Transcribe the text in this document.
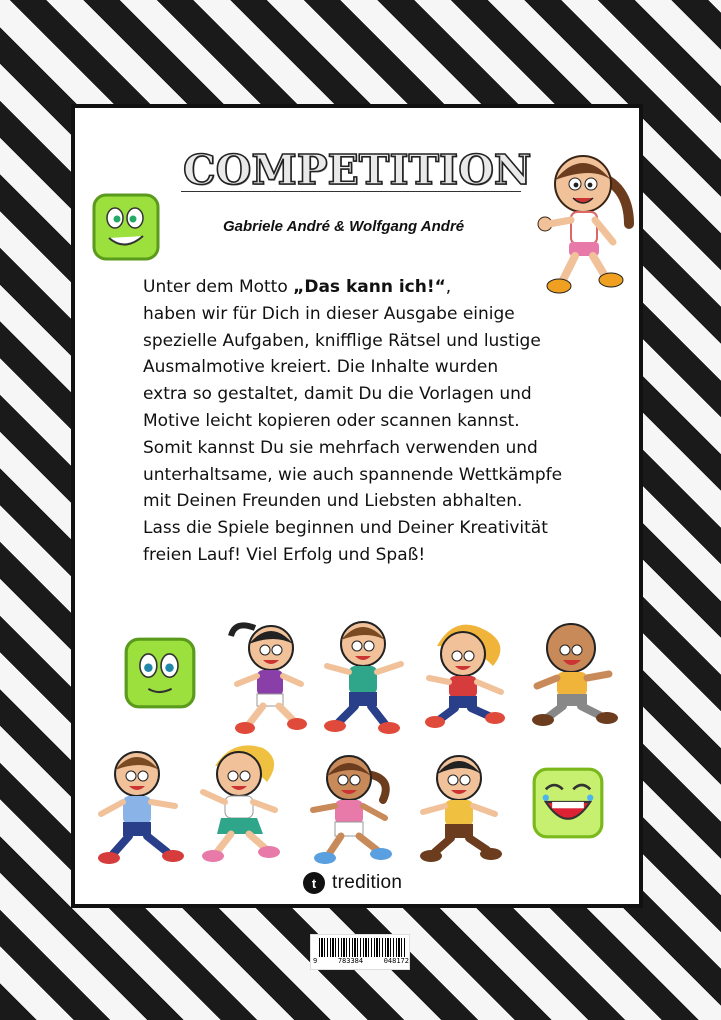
COMPETITION
Gabriele André & Wolfgang André
Unter dem Motto „Das kann ich!“,
haben wir für Dich in dieser Ausgabe einige
spezielle Aufgaben, knifflige Rätsel und lustige
Ausmalmotive kreiert. Die Inhalte wurden
extra so gestaltet, damit Du die Vorlagen und
Motive leicht kopieren oder scannen kannst.
Somit kannst Du sie mehrfach verwenden und
unterhaltsame, wie auch spannende Wettkämpfe
mit Deinen Freunden und Liebsten abhalten.
Lass die Spiele beginnen und Deiner Kreativität
freien Lauf! Viel Erfolg und Spaß!
t tredition
9	783384	048172
